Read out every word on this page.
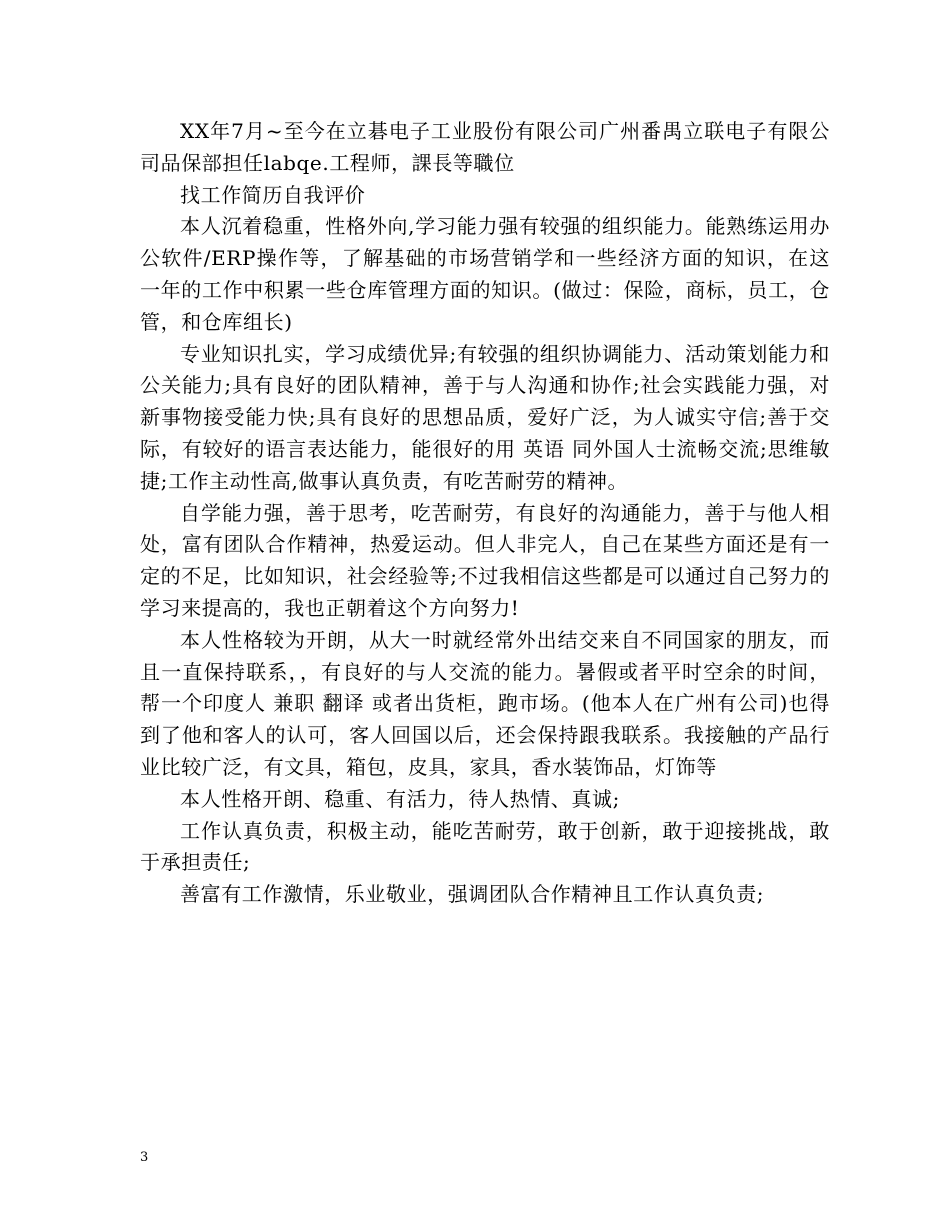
XX年7月~至今在立碁电子工业股份有限公司广州番禺立联电子有限公司品保部担任labqe.工程师，課長等職位

找工作简历自我评价

本人沉着稳重，性格外向,学习能力强有较强的组织能力。能熟练运用办公软件/ERP操作等，了解基础的市场营销学和一些经济方面的知识，在这一年的工作中积累一些仓库管理方面的知识。(做过：保险，商标，员工，仓管，和仓库组长)

专业知识扎实，学习成绩优异;有较强的组织协调能力、活动策划能力和公关能力;具有良好的团队精神，善于与人沟通和协作;社会实践能力强，对新事物接受能力快;具有良好的思想品质，爱好广泛，为人诚实守信;善于交际，有较好的语言表达能力，能很好的用 英语 同外国人士流畅交流;思维敏捷;工作主动性高,做事认真负责，有吃苦耐劳的精神。

自学能力强，善于思考，吃苦耐劳，有良好的沟通能力，善于与他人相处，富有团队合作精神，热爱运动。但人非完人，自己在某些方面还是有一定的不足，比如知识，社会经验等;不过我相信这些都是可以通过自己努力的学习来提高的，我也正朝着这个方向努力!

本人性格较为开朗，从大一时就经常外出结交来自不同国家的朋友，而且一直保持联系，，有良好的与人交流的能力。暑假或者平时空余的时间，帮一个印度人 兼职 翻译 或者出货柜，跑市场。(他本人在广州有公司)也得到了他和客人的认可，客人回国以后，还会保持跟我联系。我接触的产品行业比较广泛，有文具，箱包，皮具，家具，香水装饰品，灯饰等

本人性格开朗、稳重、有活力，待人热情、真诚;

工作认真负责，积极主动，能吃苦耐劳，敢于创新，敢于迎接挑战，敢于承担责任;

善富有工作激情，乐业敬业，强调团队合作精神且工作认真负责;

3
